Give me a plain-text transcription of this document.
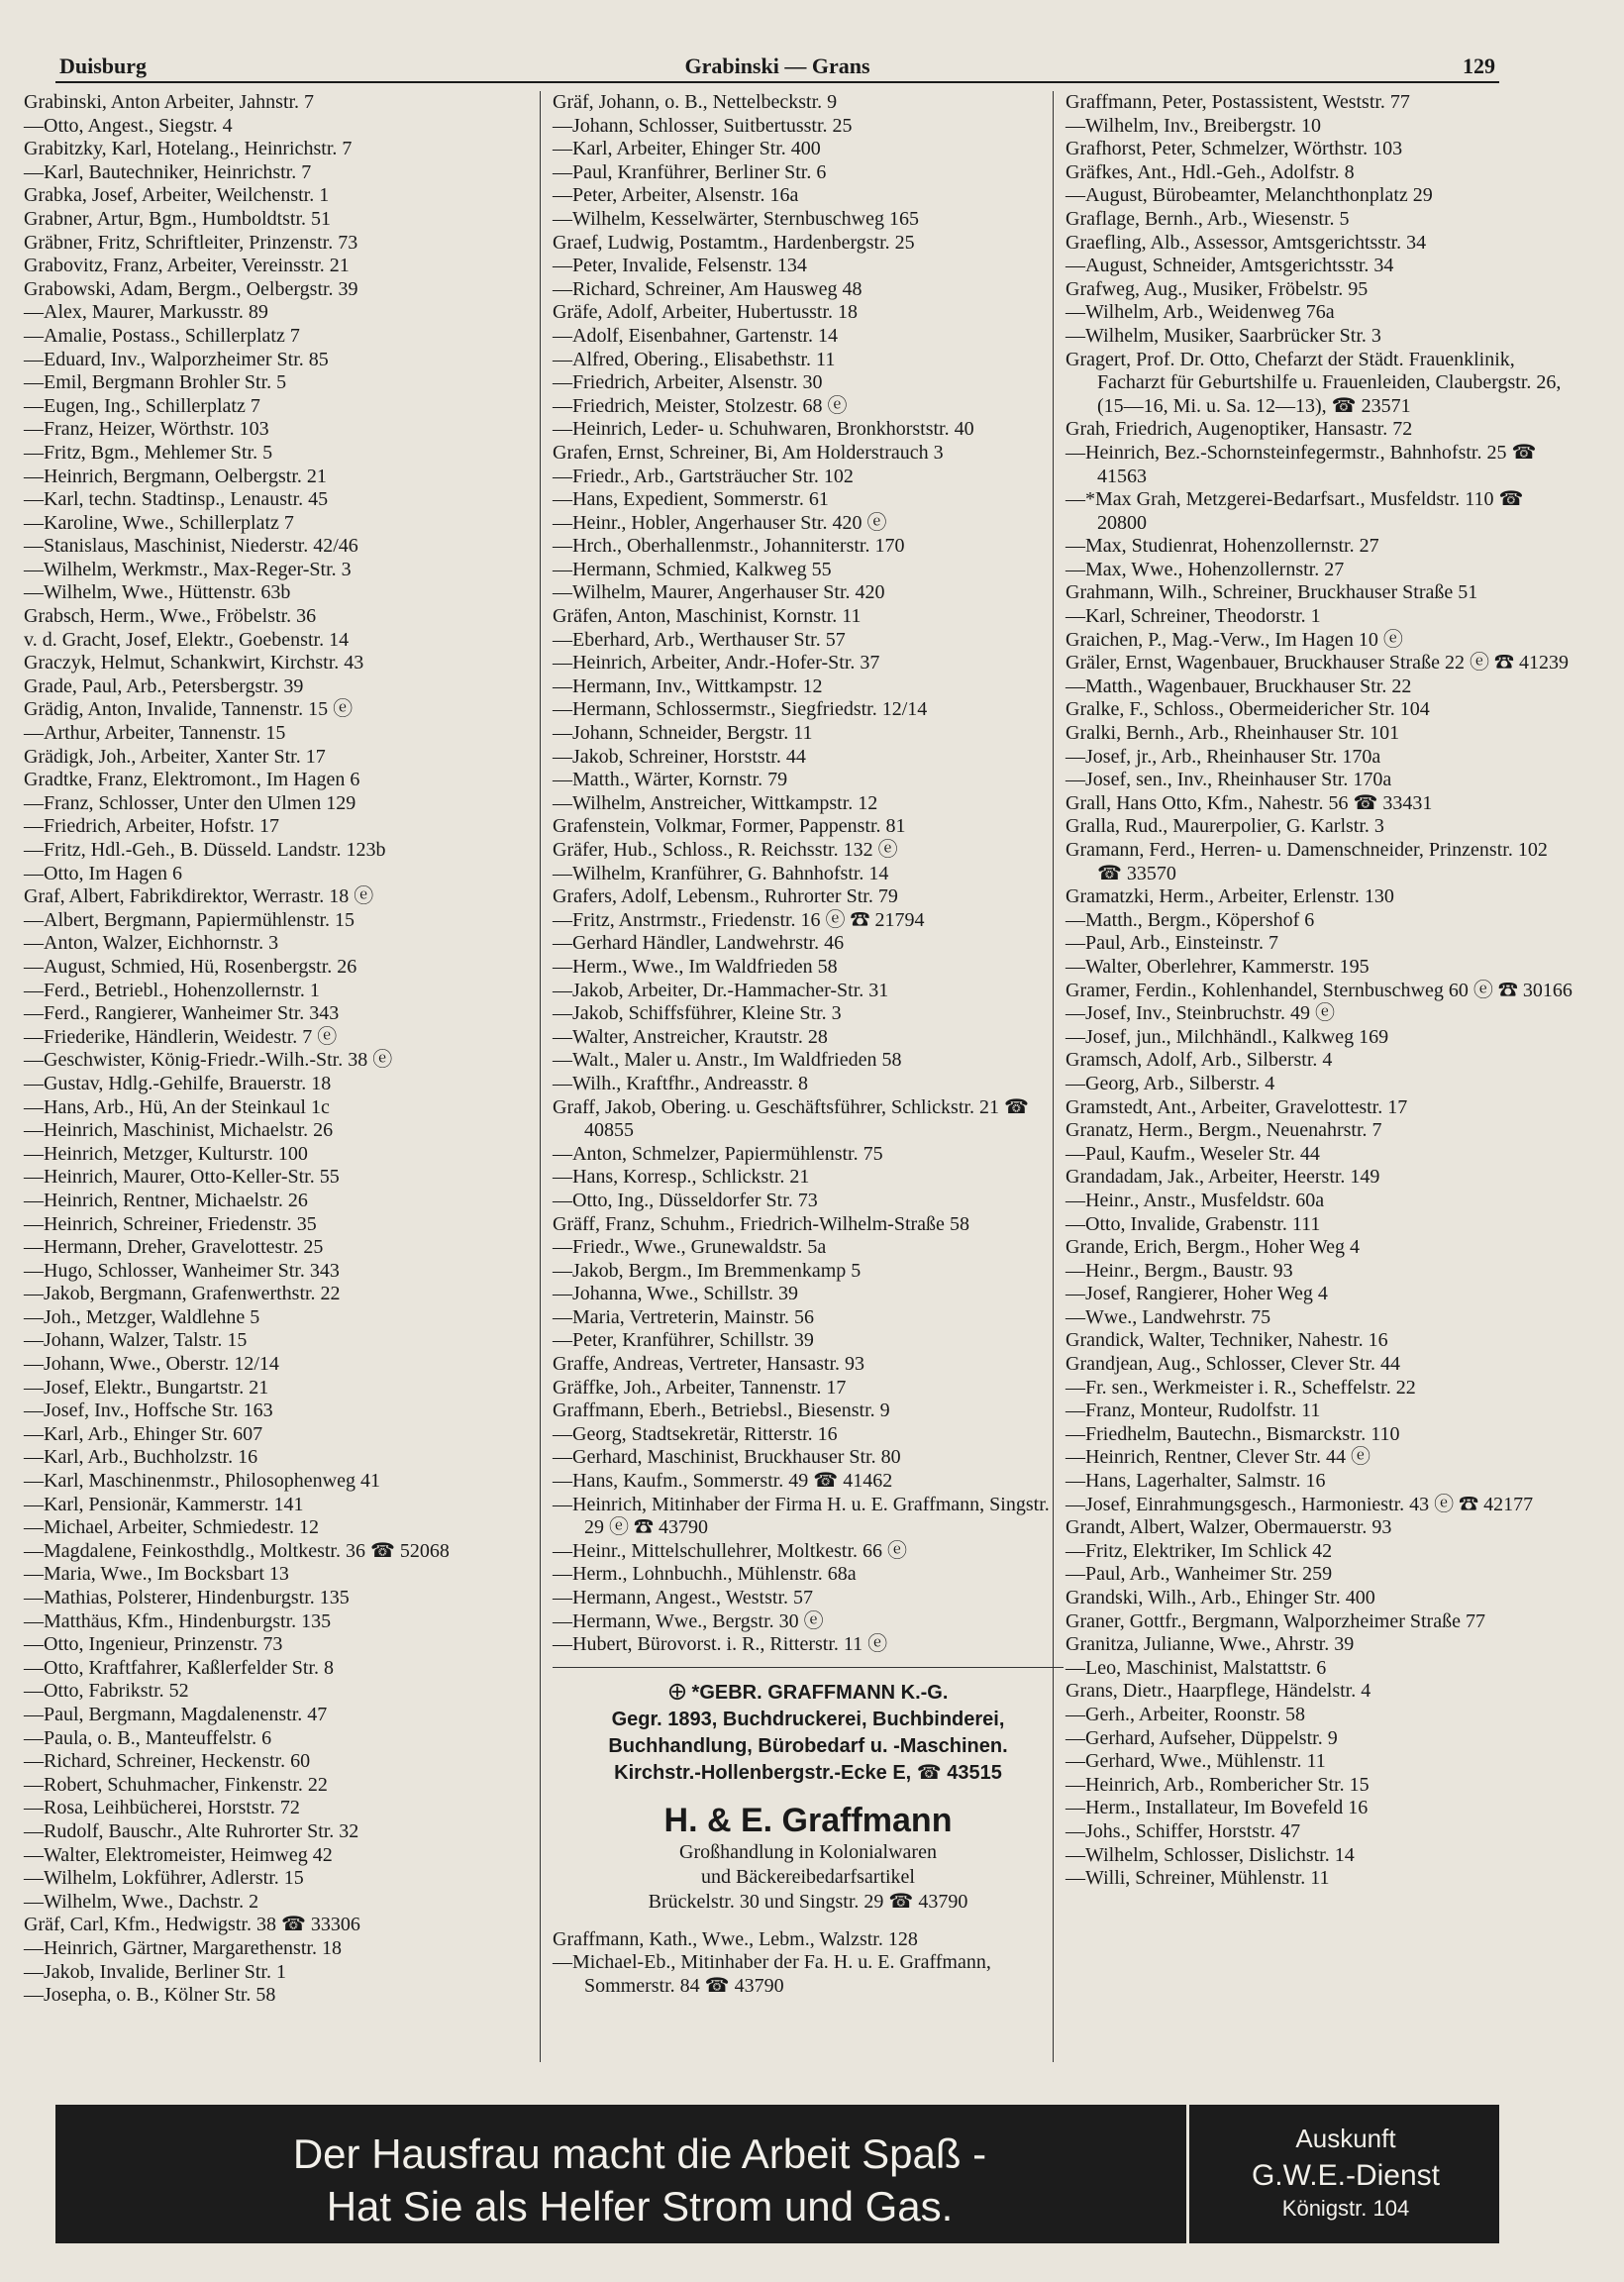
Duisburg	Grabinski — Grans	129
Grabinski, Anton Arbeiter, Jahnstr. 7
—Otto, Angest., Siegstr. 4
Grabitzky, Karl, Hotelang., Heinrichstr. 7
—Karl, Bautechniker, Heinrichstr. 7
Grabka, Josef, Arbeiter, Weilchenstr. 1
Grabner, Artur, Bgm., Humboldtstr. 51
Gräbner, Fritz, Schriftleiter, Prinzenstr. 73
Grabovitz, Franz, Arbeiter, Vereinsstr. 21
Grabowski, Adam, Bergm., Oelbergstr. 39
—Alex, Maurer, Markusstr. 89
—Amalie, Postass., Schillerplatz 7
—Eduard, Inv., Walporzheimer Str. 85
—Emil, Bergmann Brohler Str. 5
—Eugen, Ing., Schillerplatz 7
—Franz, Heizer, Wörthstr. 103
—Fritz, Bgm., Mehlemer Str. 5
—Heinrich, Bergmann, Oelbergstr. 21
—Karl, techn. Stadtinsp., Lenaustr. 45
—Karoline, Wwe., Schillerplatz 7
—Stanislaus, Maschinist, Niederstr. 42/46
—Wilhelm, Werkmstr., Max-Reger-Str. 3
—Wilhelm, Wwe., Hüttenstr. 63b
Grabsch, Herm., Wwe., Fröbelstr. 36
v. d. Gracht, Josef, Elektr., Goebenstr. 14
Graczyk, Helmut, Schankwirt, Kirchstr. 43
Grade, Paul, Arb., Petersbergstr. 39
Grädig, Anton, Invalide, Tannenstr. 15 ⓔ
—Arthur, Arbeiter, Tannenstr. 15
Grädigk, Joh., Arbeiter, Xanter Str. 17
Gradtke, Franz, Elektromont., Im Hagen 6
—Franz, Schlosser, Unter den Ulmen 129
—Friedrich, Arbeiter, Hofstr. 17
—Fritz, Hdl.-Geh., B. Düsseld. Landstr. 123b
—Otto, Im Hagen 6
Graf, Albert, Fabrikdirektor, Werrastr. 18 ⓔ
—Albert, Bergmann, Papiermühlenstr. 15
—Anton, Walzer, Eichhornstr. 3
—August, Schmied, Hü, Rosenbergstr. 26
—Ferd., Betriebl., Hohenzollernstr. 1
—Ferd., Rangierer, Wanheimer Str. 343
—Friederike, Händlerin, Weidestr. 7 ⓔ
—Geschwister, König-Friedr.-Wilh.-Str. 38 ⓔ
—Gustav, Hdlg.-Gehilfe, Brauerstr. 18
—Hans, Arb., Hü, An der Steinkaul 1c
—Heinrich, Maschinist, Michaelstr. 26
—Heinrich, Metzger, Kulturstr. 100
—Heinrich, Maurer, Otto-Keller-Str. 55
—Heinrich, Rentner, Michaelstr. 26
—Heinrich, Schreiner, Friedenstr. 35
—Hermann, Dreher, Gravelottestr. 25
—Hugo, Schlosser, Wanheimer Str. 343
—Jakob, Bergmann, Grafenwerthstr. 22
—Joh., Metzger, Waldlehne 5
—Johann, Walzer, Talstr. 15
—Johann, Wwe., Oberstr. 12/14
—Josef, Elektr., Bungartstr. 21
—Josef, Inv., Hoffsche Str. 163
—Karl, Arb., Ehinger Str. 607
—Karl, Arb., Buchholzstr. 16
—Karl, Maschinenmstr., Philosophenweg 41
—Karl, Pensionär, Kammerstr. 141
—Michael, Arbeiter, Schmiedestr. 12
—Magdalene, Feinkosthdlg., Moltkestr. 36 ☎ 52068
—Maria, Wwe., Im Bocksbart 13
—Mathias, Polsterer, Hindenburgstr. 135
—Matthäus, Kfm., Hindenburgstr. 135
—Otto, Ingenieur, Prinzenstr. 73
—Otto, Kraftfahrer, Kaßlerfelder Str. 8
—Otto, Fabrikstr. 52
—Paul, Bergmann, Magdalenenstr. 47
—Paula, o. B., Manteuffelstr. 6
—Richard, Schreiner, Heckenstr. 60
—Robert, Schuhmacher, Finkenstr. 22
—Rosa, Leihbücherei, Horststr. 72
—Rudolf, Bauschr., Alte Ruhrorter Str. 32
—Walter, Elektromeister, Heimweg 42
—Wilhelm, Lokführer, Adlerstr. 15
—Wilhelm, Wwe., Dachstr. 2
Gräf, Carl, Kfm., Hedwigstr. 38 ☎ 33306
—Heinrich, Gärtner, Margarethenstr. 18
—Jakob, Invalide, Berliner Str. 1
—Josepha, o. B., Kölner Str. 58
Gräf, Johann, o. B., Nettelbeckstr. 9
—Johann, Schlosser, Suitbertusstr. 25
—Karl, Arbeiter, Ehinger Str. 400
—Paul, Kranführer, Berliner Str. 6
—Peter, Arbeiter, Alsenstr. 16a
—Wilhelm, Kesselwärter, Sternbuschweg 165
Graef, Ludwig, Postamtm., Hardenbergstr. 25
—Peter, Invalide, Felsenstr. 134
—Richard, Schreiner, Am Hausweg 48
Gräfe, Adolf, Arbeiter, Hubertusstr. 18
—Adolf, Eisenbahner, Gartenstr. 14
—Alfred, Obering., Elisabethstr. 11
—Friedrich, Arbeiter, Alsenstr. 30
—Friedrich, Meister, Stolzestr. 68 ⓔ
—Heinrich, Leder- u. Schuhwaren, Bronkhorststr. 40
Grafen, Ernst, Schreiner, Bi, Am Holderstrauch 3
—Friedr., Arb., Gartsträucher Str. 102
—Hans, Expedient, Sommerstr. 61
—Heinr., Hobler, Angerhauser Str. 420 ⓔ
—Hrch., Oberhallenmstr., Johanniterstr. 170
—Hermann, Schmied, Kalkweg 55
—Wilhelm, Maurer, Angerhauser Str. 420
Gräfen, Anton, Maschinist, Kornstr. 11
—Eberhard, Arb., Werthauser Str. 57
—Heinrich, Arbeiter, Andr.-Hofer-Str. 37
—Hermann, Inv., Wittkampstr. 12
—Hermann, Schlossermstr., Siegfriedstr. 12/14
—Johann, Schneider, Bergstr. 11
—Jakob, Schreiner, Horststr. 44
—Matth., Wärter, Kornstr. 79
—Wilhelm, Anstreicher, Wittkampstr. 12
Grafenstein, Volkmar, Former, Pappenstr. 81
Gräfer, Hub., Schloss., R. Reichsstr. 132 ⓔ
—Wilhelm, Kranführer, G. Bahnhofstr. 14
Grafers, Adolf, Lebensm., Ruhrorter Str. 79
—Fritz, Anstrmstr., Friedenstr. 16 ⓔ ☎ 21794
—Gerhard Händler, Landwehrstr. 46
—Herm., Wwe., Im Waldfrieden 58
—Jakob, Arbeiter, Dr.-Hammacher-Str. 31
—Jakob, Schiffsführer, Kleine Str. 3
—Walter, Anstreicher, Krautstr. 28
—Walt., Maler u. Anstr., Im Waldfrieden 58
—Wilh., Kraftfhr., Andreasstr. 8
Graff, Jakob, Obering. u. Geschäftsführer, Schlickstr. 21 ☎ 40855
—Anton, Schmelzer, Papiermühlenstr. 75
—Hans, Korresp., Schlickstr. 21
—Otto, Ing., Düsseldorfer Str. 73
Gräff, Franz, Schuhm., Friedrich-Wilhelm-Straße 58
—Friedr., Wwe., Grunewaldstr. 5a
—Jakob, Bergm., Im Bremmenkamp 5
—Johanna, Wwe., Schillstr. 39
—Maria, Vertreterin, Mainstr. 56
—Peter, Kranführer, Schillstr. 39
Graffe, Andreas, Vertreter, Hansastr. 93
Gräffke, Joh., Arbeiter, Tannenstr. 17
Graffmann, Eberh., Betriebsl., Biesenstr. 9
—Georg, Stadtsekretär, Ritterstr. 16
—Gerhard, Maschinist, Bruckhauser Str. 80
—Hans, Kaufm., Sommerstr. 49 ☎ 41462
—Heinrich, Mitinhaber der Firma H. u. E. Graffmann, Singstr. 29 ⓔ ☎ 43790
—Heinr., Mittelschullehrer, Moltkestr. 66 ⓔ
—Herm., Lohnbuchh., Mühlenstr. 68a
—Hermann, Angest., Weststr. 57
—Hermann, Wwe., Bergstr. 30 ⓔ
—Hubert, Bürovorst. i. R., Ritterstr. 11 ⓔ
*GEBR. GRAFFMANN K.-G.
Gegr. 1893, Buchdruckerei, Buchbinderei,
Buchhandlung, Bürobedarf u. -Maschinen.
Kirchstr.-Hollenbergstr.-Ecke E, ☎ 43515
H. & E. Graffmann
Großhandlung in Kolonialwaren
und Bäckereibedarfsartikel
Brückelstr. 30 und Singstr. 29 ☎ 43790
Graffmann, Kath., Wwe., Lebm., Walzstr. 128
—Michael-Eb., Mitinhaber der Fa. H. u. E. Graffmann, Sommerstr. 84 ☎ 43790
Graffmann, Peter, Postassistent, Weststr. 77
—Wilhelm, Inv., Breibergstr. 10
Grafhorst, Peter, Schmelzer, Wörthstr. 103
Gräfkes, Ant., Hdl.-Geh., Adolfstr. 8
—August, Bürobeamter, Melanchthonplatz 29
Graflage, Bernh., Arb., Wiesenstr. 5
Graefling, Alb., Assessor, Amtsgerichtsstr. 34
—August, Schneider, Amtsgerichtsstr. 34
Grafweg, Aug., Musiker, Fröbelstr. 95
—Wilhelm, Arb., Weidenweg 76a
—Wilhelm, Musiker, Saarbrücker Str. 3
Gragert, Prof. Dr. Otto, Chefarzt der Städt. Frauenklinik, Facharzt für Geburtshilfe u. Frauenleiden, Claubergstr. 26, (15—16, Mi. u. Sa. 12—13), ☎ 23571
Grah, Friedrich, Augenoptiker, Hansastr. 72
—Heinrich, Bez.-Schornsteinfegermstr., Bahnhofstr. 25 ☎ 41563
—*Max Grah, Metzgerei-Bedarfsart., Musfeldstr. 110 ☎ 20800
—Max, Studienrat, Hohenzollernstr. 27
—Max, Wwe., Hohenzollernstr. 27
Grahmann, Wilh., Schreiner, Bruckhauser Straße 51
—Karl, Schreiner, Theodorstr. 1
Graichen, P., Mag.-Verw., Im Hagen 10 ⓔ
Gräler, Ernst, Wagenbauer, Bruckhauser Straße 22 ⓔ ☎ 41239
—Matth., Wagenbauer, Bruckhauser Str. 22
Gralke, F., Schloss., Obermeidericher Str. 104
Gralki, Bernh., Arb., Rheinhauser Str. 101
—Josef, jr., Arb., Rheinhauser Str. 170a
—Josef, sen., Inv., Rheinhauser Str. 170a
Grall, Hans Otto, Kfm., Nahestr. 56 ☎ 33431
Gralla, Rud., Maurerpolier, G. Karlstr. 3
Gramann, Ferd., Herren- u. Damenschneider, Prinzenstr. 102 ☎ 33570
Gramatzki, Herm., Arbeiter, Erlenstr. 130
—Matth., Bergm., Köpershof 6
—Paul, Arb., Einsteinstr. 7
—Walter, Oberlehrer, Kammerstr. 195
Gramer, Ferdin., Kohlenhandel, Sternbuschweg 60 ⓔ ☎ 30166
—Josef, Inv., Steinbruchstr. 49 ⓔ
—Josef, jun., Milchhändl., Kalkweg 169
Gramsch, Adolf, Arb., Silberstr. 4
—Georg, Arb., Silberstr. 4
Gramstedt, Ant., Arbeiter, Gravelottestr. 17
Granatz, Herm., Bergm., Neuenahrstr. 7
—Paul, Kaufm., Weseler Str. 44
Grandadam, Jak., Arbeiter, Heerstr. 149
—Heinr., Anstr., Musfeldstr. 60a
—Otto, Invalide, Grabenstr. 111
Grande, Erich, Bergm., Hoher Weg 4
—Heinr., Bergm., Baustr. 93
—Josef, Rangierer, Hoher Weg 4
—Wwe., Landwehrstr. 75
Grandick, Walter, Techniker, Nahestr. 16
Grandjean, Aug., Schlosser, Clever Str. 44
—Fr. sen., Werkmeister i. R., Scheffelstr. 22
—Franz, Monteur, Rudolfstr. 11
—Friedhelm, Bautechn., Bismarckstr. 110
—Heinrich, Rentner, Clever Str. 44 ⓔ
—Hans, Lagerhalter, Salmstr. 16
—Josef, Einrahmungsgesch., Harmoniestr. 43 ⓔ ☎ 42177
Grandt, Albert, Walzer, Obermauerstr. 93
—Fritz, Elektriker, Im Schlick 42
—Paul, Arb., Wanheimer Str. 259
Grandski, Wilh., Arb., Ehinger Str. 400
Graner, Gottfr., Bergmann, Walporzheimer Straße 77
Granitza, Julianne, Wwe., Ahrstr. 39
—Leo, Maschinist, Malstattstr. 6
Grans, Dietr., Haarpflege, Händelstr. 4
—Gerh., Arbeiter, Roonstr. 58
—Gerhard, Aufseher, Düppelstr. 9
—Gerhard, Wwe., Mühlenstr. 11
—Heinrich, Arb., Rombericher Str. 15
—Herm., Installateur, Im Bovefeld 16
—Johs., Schiffer, Horststr. 47
—Wilhelm, Schlosser, Dislichstr. 14
—Willi, Schreiner, Mühlenstr. 11
Der Hausfrau macht die Arbeit Spaß -
Hat Sie als Helfer Strom und Gas.
Auskunft
G.W.E.-Dienst
Königstr. 104
